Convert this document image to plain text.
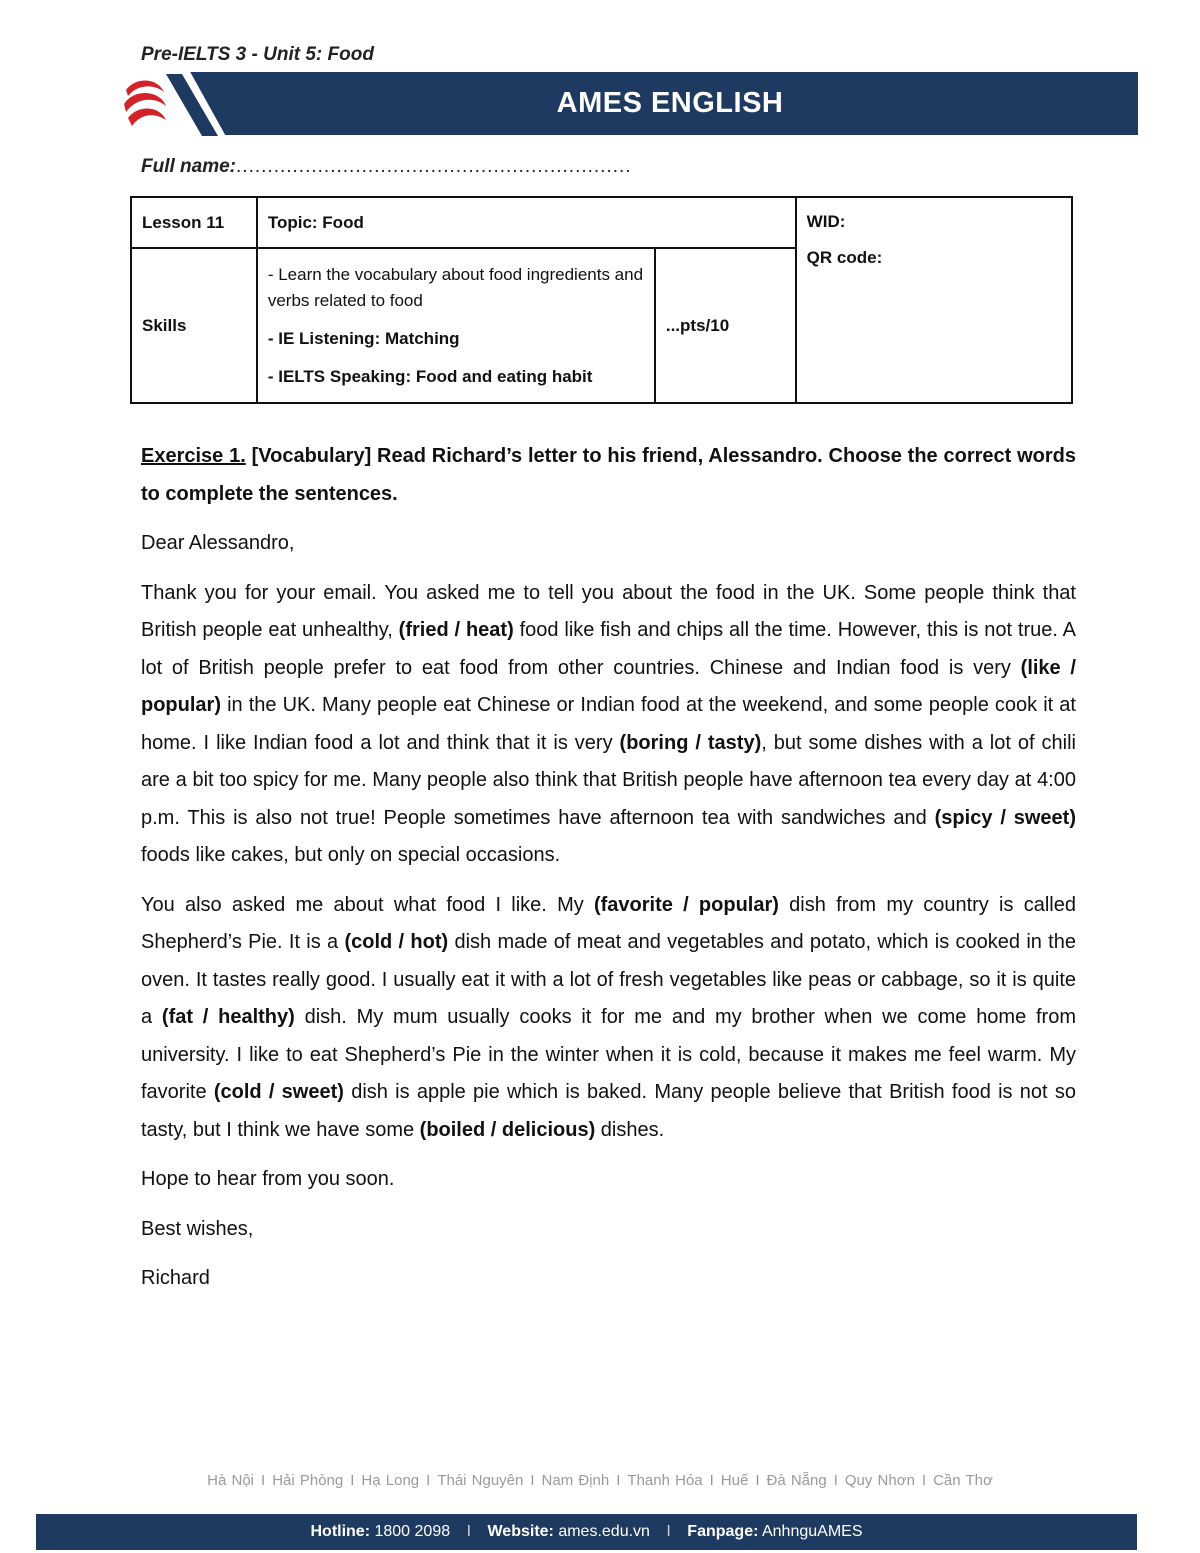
Pre-IELTS 3 - Unit 5: Food
AMES ENGLISH
Full name:...............................................................
Lesson 11	Topic: Food		WID:
QR code:

Skills	- Learn the vocabulary about food ingredients and verbs related to food
- IE Listening: Matching
- IELTS Speaking: Food and eating habit	...pts/10	

Exercise 1. [Vocabulary] Read Richard’s letter to his friend, Alessandro. Choose the correct words to complete the sentences.

Dear Alessandro,

Thank you for your email. You asked me to tell you about the food in the UK. Some people think that British people eat unhealthy, (fried / heat) food like fish and chips all the time. However, this is not true. A lot of British people prefer to eat food from other countries. Chinese and Indian food is very (like / popular) in the UK. Many people eat Chinese or Indian food at the weekend, and some people cook it at home. I like Indian food a lot and think that it is very (boring / tasty), but some dishes with a lot of chili are a bit too spicy for me. Many people also think that British people have afternoon tea every day at 4:00 p.m. This is also not true! People sometimes have afternoon tea with sandwiches and (spicy / sweet) foods like cakes, but only on special occasions.

You also asked me about what food I like. My (favorite / popular) dish from my country is called Shepherd’s Pie. It is a (cold / hot) dish made of meat and vegetables and potato, which is cooked in the oven. It tastes really good. I usually eat it with a lot of fresh vegetables like peas or cabbage, so it is quite a (fat / healthy) dish. My mum usually cooks it for me and my brother when we come home from university. I like to eat Shepherd’s Pie in the winter when it is cold, because it makes me feel warm. My favorite (cold / sweet) dish is apple pie which is baked. Many people believe that British food is not so tasty, but I think we have some (boiled / delicious) dishes.

Hope to hear from you soon.

Best wishes,

Richard

Hà Nội I Hải Phòng I Hạ Long I Thái Nguyên I Nam Định I Thanh Hóa I Huế I Đà Nẵng I Quy Nhơn I Cần Thơ
Hotline: 1800 2098 I Website: ames.edu.vn I Fanpage: AnhnguAMES
